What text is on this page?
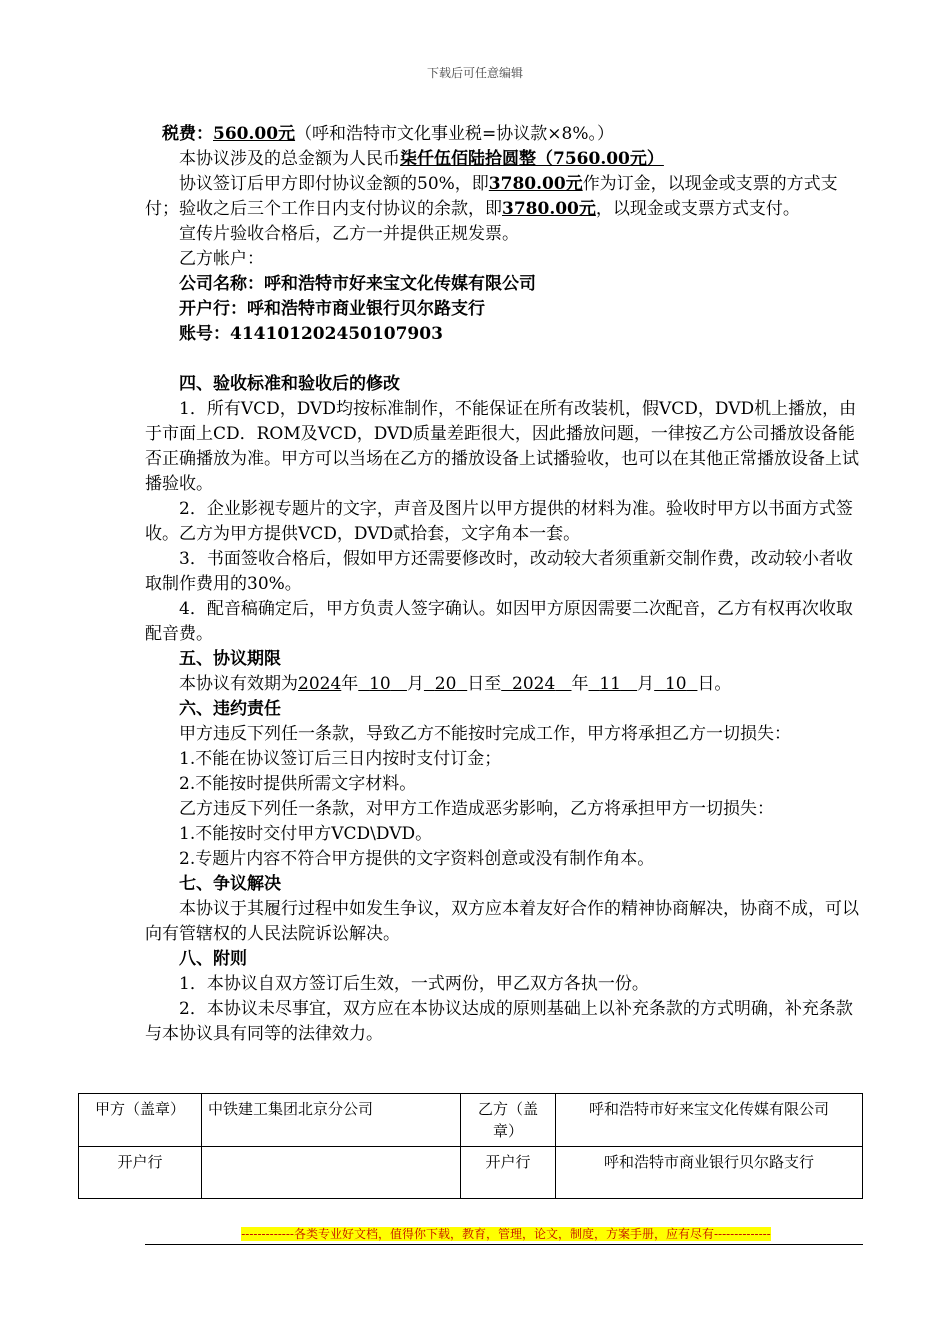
下载后可任意编辑

税费：560.00元（呼和浩特市文化事业税=协议款×8%。）

本协议涉及的总金额为人民币柒仟伍佰陆拾圆整（7560.00元）

协议签订后甲方即付协议金额的50%，即3780.00元作为订金，以现金或支票的方式支付；验收之后三个工作日内支付协议的余款，即3780.00元，以现金或支票方式支付。

宣传片验收合格后，乙方一并提供正规发票。

乙方帐户：

公司名称：呼和浩特市好来宝文化传媒有限公司

开户行：呼和浩特市商业银行贝尔路支行

账号：414101202450107903

四、验收标准和验收后的修改

1．所有VCD，DVD均按标准制作，不能保证在所有改装机，假VCD，DVD机上播放，由于市面上CD．ROM及VCD，DVD质量差距很大，因此播放问题，一律按乙方公司播放设备能否正确播放为准。甲方可以当场在乙方的播放设备上试播验收，也可以在其他正常播放设备上试播验收。

2．企业影视专题片的文字，声音及图片以甲方提供的材料为准。验收时甲方以书面方式签收。乙方为甲方提供VCD，DVD贰拾套，文字角本一套。

3．书面签收合格后，假如甲方还需要修改时，改动较大者须重新交制作费，改动较小者收取制作费用的30%。

4．配音稿确定后，甲方负责人签字确认。如因甲方原因需要二次配音，乙方有权再次收取配音费。

五、协议期限

本协议有效期为2024年 10 月 20 日至 2024 年 11 月 10 日。

六、违约责任

甲方违反下列任一条款，导致乙方不能按时完成工作，甲方将承担乙方一切损失：

1.不能在协议签订后三日内按时支付订金；

2.不能按时提供所需文字材料。

乙方违反下列任一条款，对甲方工作造成恶劣影响，乙方将承担甲方一切损失：

1.不能按时交付甲方VCD\DVD。

2.专题片内容不符合甲方提供的文字资料创意或没有制作角本。

七、争议解决

本协议于其履行过程中如发生争议，双方应本着友好合作的精神协商解决，协商不成，可以向有管辖权的人民法院诉讼解决。

八、附则

1．本协议自双方签订后生效，一式两份，甲乙双方各执一份。

2．本协议未尽事宜，双方应在本协议达成的原则基础上以补充条款的方式明确，补充条款与本协议具有同等的法律效力。

甲方（盖章）	中铁建工集团北京分公司	乙方（盖章）	呼和浩特市好来宝文化传媒有限公司
开户行		开户行	呼和浩特市商业银行贝尔路支行
-------------各类专业好文档，值得你下载，教育，管理，论文，制度，方案手册，应有尽有--------------
